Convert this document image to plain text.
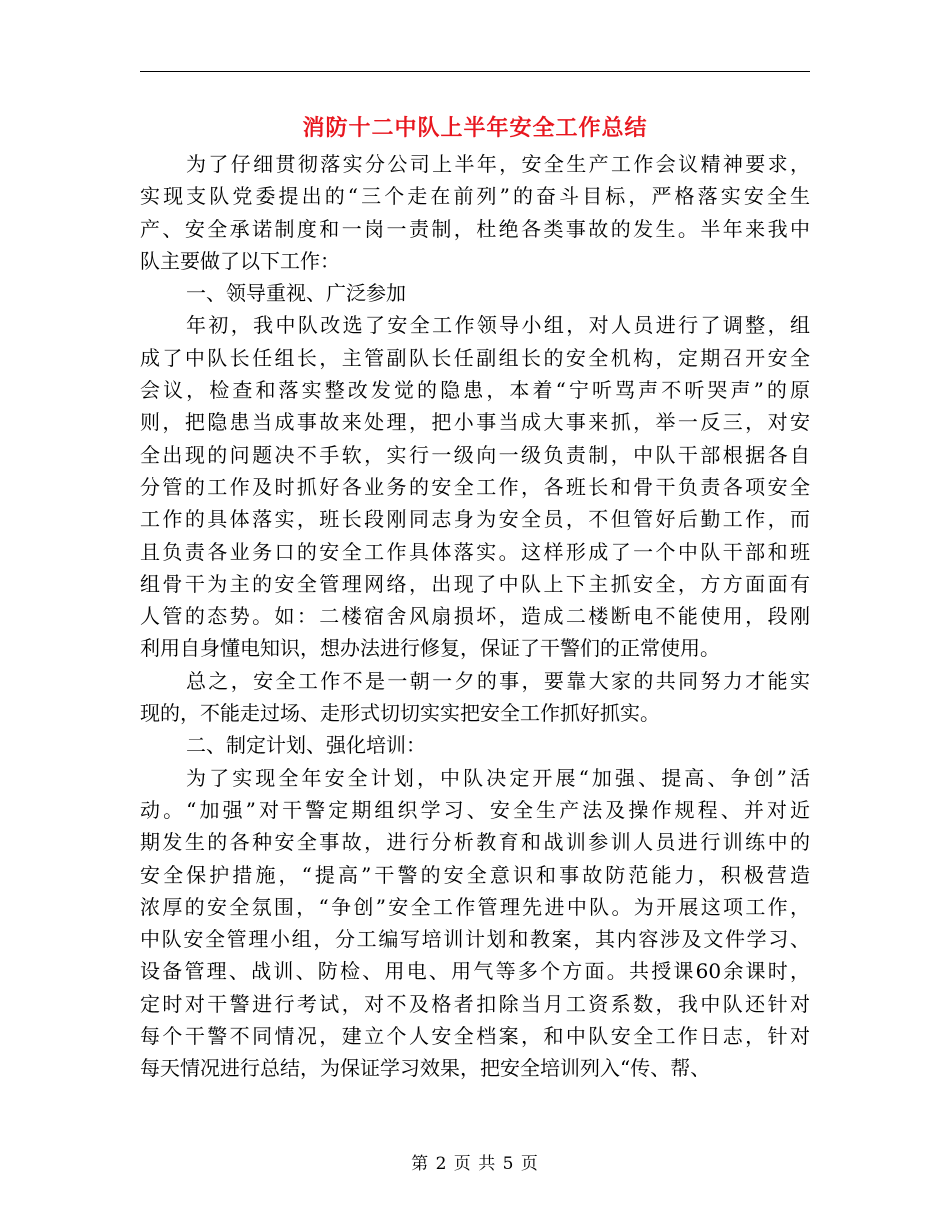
消防十二中队上半年安全工作总结
为了仔细贯彻落实分公司上半年，安全生产工作会议精神要求，
实现支队党委提出的“三个走在前列”的奋斗目标，严格落实安全生
产、安全承诺制度和一岗一责制，杜绝各类事故的发生。半年来我中
队主要做了以下工作：
一、领导重视、广泛参加
年初，我中队改选了安全工作领导小组，对人员进行了调整，组
成了中队长任组长，主管副队长任副组长的安全机构，定期召开安全
会议，检查和落实整改发觉的隐患，本着“宁听骂声不听哭声”的原
则，把隐患当成事故来处理，把小事当成大事来抓，举一反三，对安
全出现的问题决不手软，实行一级向一级负责制，中队干部根据各自
分管的工作及时抓好各业务的安全工作，各班长和骨干负责各项安全
工作的具体落实，班长段刚同志身为安全员，不但管好后勤工作，而
且负责各业务口的安全工作具体落实。这样形成了一个中队干部和班
组骨干为主的安全管理网络，出现了中队上下主抓安全，方方面面有
人管的态势。如：二楼宿舍风扇损坏，造成二楼断电不能使用，段刚
利用自身懂电知识，想办法进行修复，保证了干警们的正常使用。
总之，安全工作不是一朝一夕的事，要靠大家的共同努力才能实
现的，不能走过场、走形式切切实实把安全工作抓好抓实。
二、制定计划、强化培训：
为了实现全年安全计划，中队决定开展“加强、提高、争创”活
动。“加强”对干警定期组织学习、安全生产法及操作规程、并对近
期发生的各种安全事故，进行分析教育和战训参训人员进行训练中的
安全保护措施，“提高”干警的安全意识和事故防范能力，积极营造
浓厚的安全氛围，“争创”安全工作管理先进中队。为开展这项工作，
中队安全管理小组，分工编写培训计划和教案，其内容涉及文件学习、
设备管理、战训、防检、用电、用气等多个方面。共授课60余课时，
定时对干警进行考试，对不及格者扣除当月工资系数，我中队还针对
每个干警不同情况，建立个人安全档案，和中队安全工作日志，针对
每天情况进行总结，为保证学习效果，把安全培训列入“传、帮、
第 2 页 共 5 页
